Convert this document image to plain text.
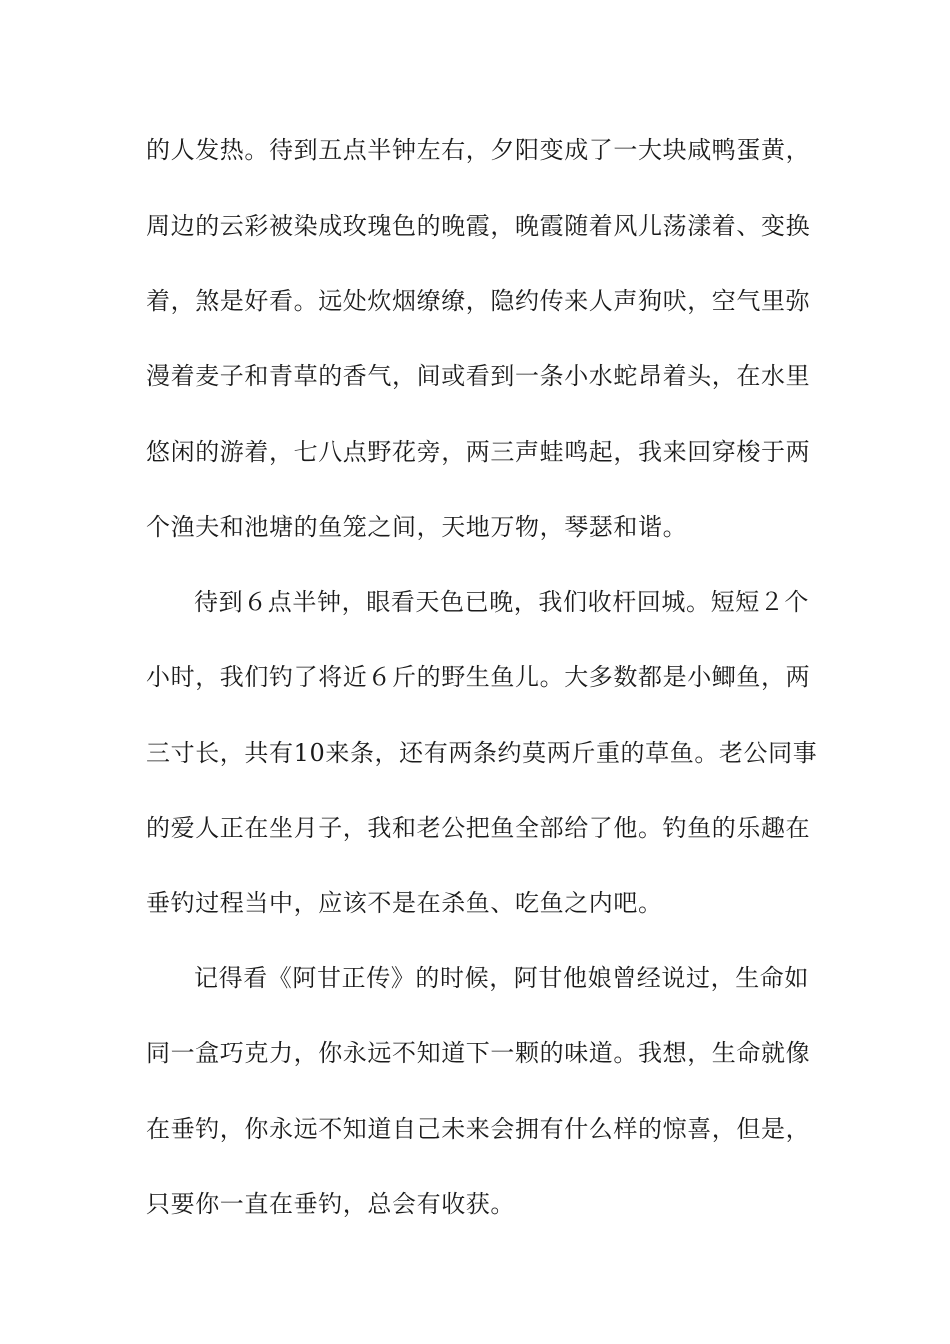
的人发热。待到五点半钟左右，夕阳变成了一大块咸鸭蛋黄，
周边的云彩被染成玫瑰色的晚霞，晚霞随着风儿荡漾着、变换
着，煞是好看。远处炊烟缭缭，隐约传来人声狗吠，空气里弥
漫着麦子和青草的香气，间或看到一条小水蛇昂着头，在水里
悠闲的游着，七八点野花旁，两三声蛙鸣起，我来回穿梭于两
个渔夫和池塘的鱼笼之间，天地万物，琴瑟和谐。
待到６点半钟，眼看天色已晚，我们收杆回城。短短２个
小时，我们钓了将近６斤的野生鱼儿。大多数都是小鲫鱼，两
三寸长，共有10来条，还有两条约莫两斤重的草鱼。老公同事
的爱人正在坐月子，我和老公把鱼全部给了他。钓鱼的乐趣在
垂钓过程当中，应该不是在杀鱼、吃鱼之内吧。
记得看《阿甘正传》的时候，阿甘他娘曾经说过，生命如
同一盒巧克力，你永远不知道下一颗的味道。我想，生命就像
在垂钓，你永远不知道自己未来会拥有什么样的惊喜，但是，
只要你一直在垂钓，总会有收获。
